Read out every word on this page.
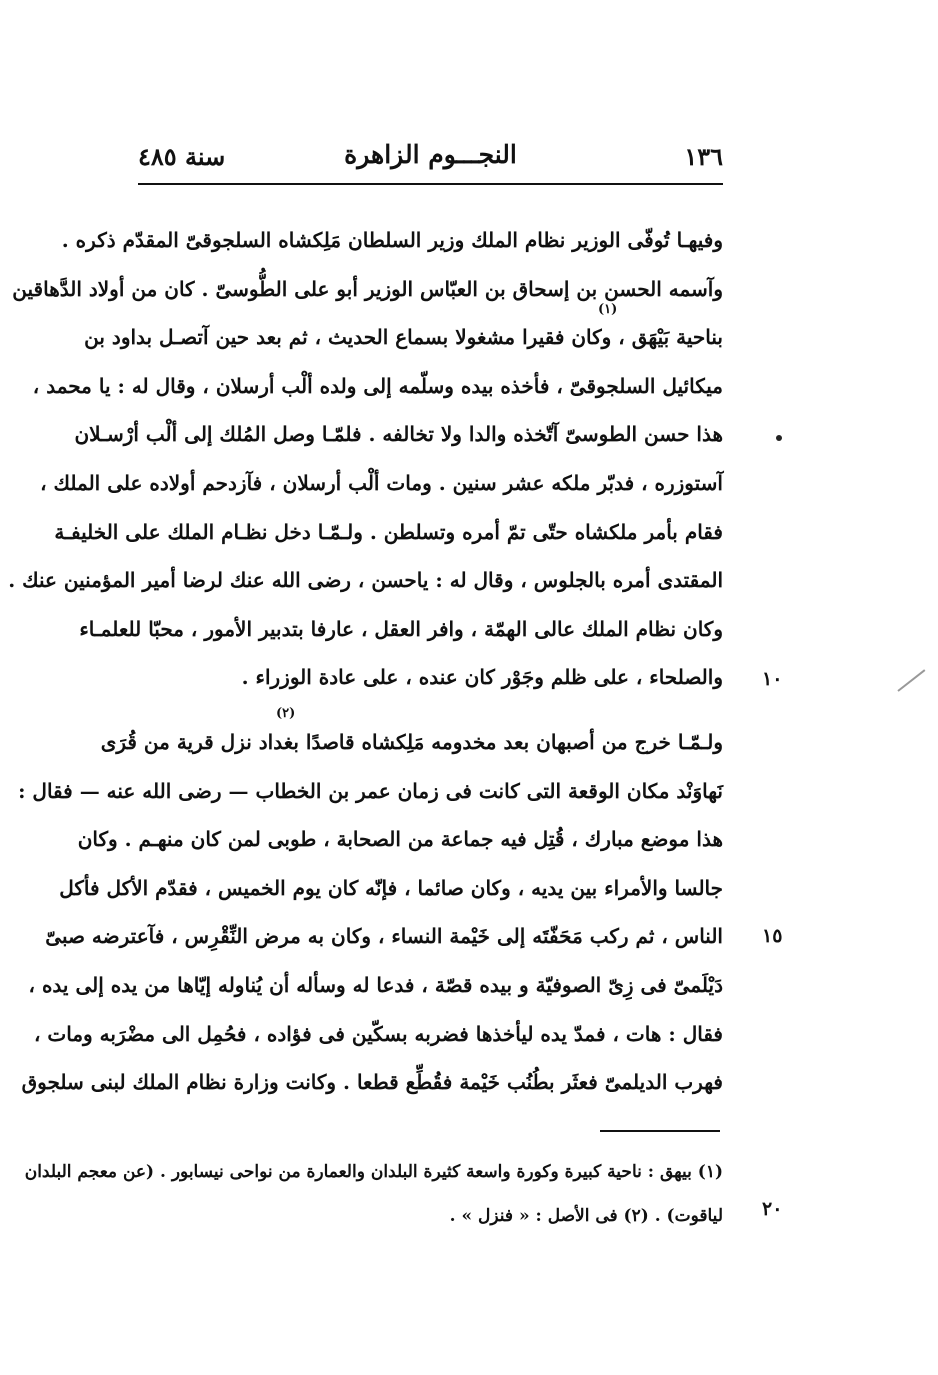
١٣٦
النجـــوم الزاهرة
سنة ٤٨٥
(١)
وفيهـا تُوفّى الوزير نظام الملك وزير السلطان مَلِكشاه السلجوقىّ المقدّم ذكره .
وآسمه الحسن بن إسحاق بن العبّاس الوزير أبو على الطُّوسىّ . كان من أولاد الدَّهاقين
بناحية بَيْهَق ، وكان فقيرا مشغولا بسماع الحديث ، ثم بعد حين آتصـل بداود بن
ميكائيل السلجوقىّ ، فأخذه بيده وسلّمه إلى ولده ألْب أرسلان ، وقال له : يا محمد ،
هذا حسن الطوسىّ آتّخذه والدا ولا تخالفه . فلمّـا وصل المُلك إلى ألْب أرْسـلان
آستوزره ، فدبّر ملكه عشر سنين . ومات ألْب أرسلان ، فآزدحم أولاده على الملك ،
فقام بأمر ملكشاه حتّى تمّ أمره وتسلطن . ولـمّـا دخل نظـام الملك على الخليفـة
المقتدى أمره بالجلوس ، وقال له : ياحسن ، رضى الله عنك لرضا أمير المؤمنين عنك .
وكان نظام الملك عالى الهمّة ، وافر العقل ، عارفا بتدبير الأمور ، محبّا للعلمـاء
والصلحاء ، على ظلم وجَوْر كان عنده ، على عادة الوزراء .
(٢)
ولـمّـا خرج من أصبهان بعد مخدومه مَلِكشاه قاصدًا بغداد نزل قرية من قُرَى
نَهاوَنْد مكان الوقعة التى كانت فى زمان عمر بن الخطاب — رضى الله عنه — فقال :
هذا موضع مبارك ، قُتِل فيه جماعة من الصحابة ، طوبى لمن كان منهـم . وكان
جالسا والأمراء بين يديه ، وكان صائما ، فإنّه كان يوم الخميس ، فقدّم الأكل فأكل
الناس ، ثم ركب مَحَفّتَه إلى خَيْمة النساء ، وكان به مرض النِّقْرِس ، فآعترضه صبىّ
دَيْلَمىّ فى زِىّ الصوفيّة و بيده قصّة ، فدعا له وسأله أن يُناوله إيّاها من يده إلى يده ،
فقال : هات ، فمدّ يده ليأخذها فضربه بسكّين فى فؤاده ، فحُمِل الى مضْرَبه ومات ،
فهرب الديلمىّ فعثَر بطُنُب خَيْمة فقُطِّع قطعا . وكانت وزارة نظام الملك لبنى سلجوق
١٠
١٥
٢٠
(١) بيهق : ناحية كبيرة وكورة واسعة كثيرة البلدان والعمارة من نواحى نيسابور . (عن معجم البلدان
لياقوت) . (٢) فى الأصل : « فنزل » .
